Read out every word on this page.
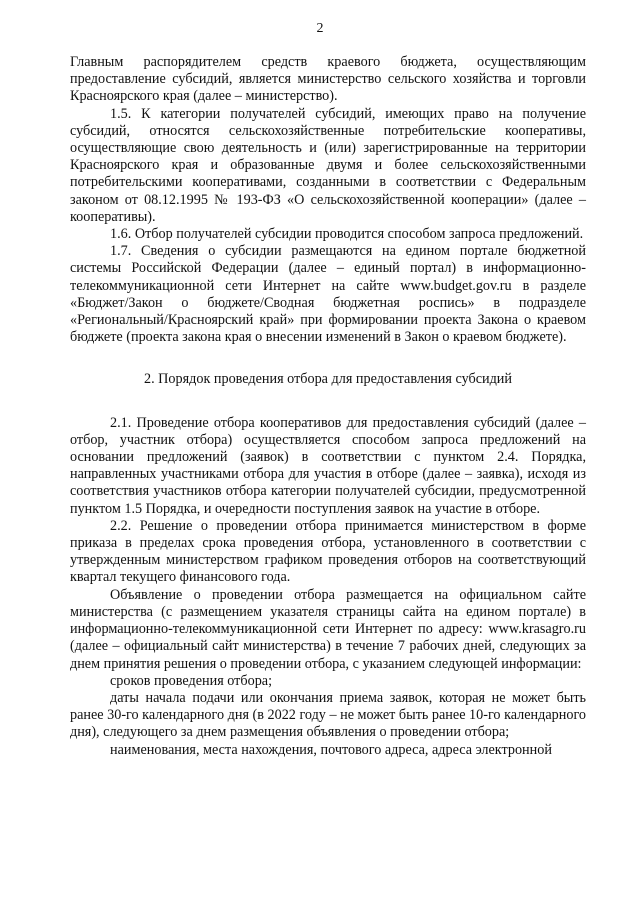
2

Главным распорядителем средств краевого бюджета, осуществляющим предоставление субсидий, является министерство сельского хозяйства и торговли Красноярского края (далее – министерство).

1.5. К категории получателей субсидий, имеющих право на получение субсидий, относятся сельскохозяйственные потребительские кооперативы, осуществляющие свою деятельность и (или) зарегистрированные на территории Красноярского края и образованные двумя и более сельскохозяйственными потребительскими кооперативами, созданными в соответствии с Федеральным законом от 08.12.1995 № 193-ФЗ «О сельскохозяйственной кооперации» (далее – кооперативы).

1.6. Отбор получателей субсидии проводится способом запроса предложений.

1.7. Сведения о субсидии размещаются на едином портале бюджетной системы Российской Федерации (далее – единый портал) в информационно-телекоммуникационной сети Интернет на сайте www.budget.gov.ru в разделе «Бюджет/Закон о бюджете/Сводная бюджетная роспись» в подразделе «Региональный/Красноярский край» при формировании проекта Закона о краевом бюджете (проекта закона края о внесении изменений в Закон о краевом бюджете).

2. Порядок проведения отбора для предоставления субсидий

2.1. Проведение отбора кооперативов для предоставления субсидий (далее – отбор, участник отбора) осуществляется способом запроса предложений на основании предложений (заявок) в соответствии с пунктом 2.4. Порядка, направленных участниками отбора для участия в отборе (далее – заявка), исходя из соответствия участников отбора категории получателей субсидии, предусмотренной пунктом 1.5 Порядка, и очередности поступления заявок на участие в отборе.

2.2. Решение о проведении отбора принимается министерством в форме приказа в пределах срока проведения отбора, установленного в соответствии с утвержденным министерством графиком проведения отборов на соответствующий квартал текущего финансового года.

Объявление о проведении отбора размещается на официальном сайте министерства (с размещением указателя страницы сайта на едином портале) в информационно-телекоммуникационной сети Интернет по адресу: www.krasagro.ru (далее – официальный сайт министерства) в течение 7 рабочих дней, следующих за днем принятия решения о проведении отбора, с указанием следующей информации:

сроков проведения отбора;

даты начала подачи или окончания приема заявок, которая не может быть ранее 30-го календарного дня (в 2022 году – не может быть ранее 10-го календарного дня), следующего за днем размещения объявления о проведении отбора;

наименования, места нахождения, почтового адреса, адреса электронной
